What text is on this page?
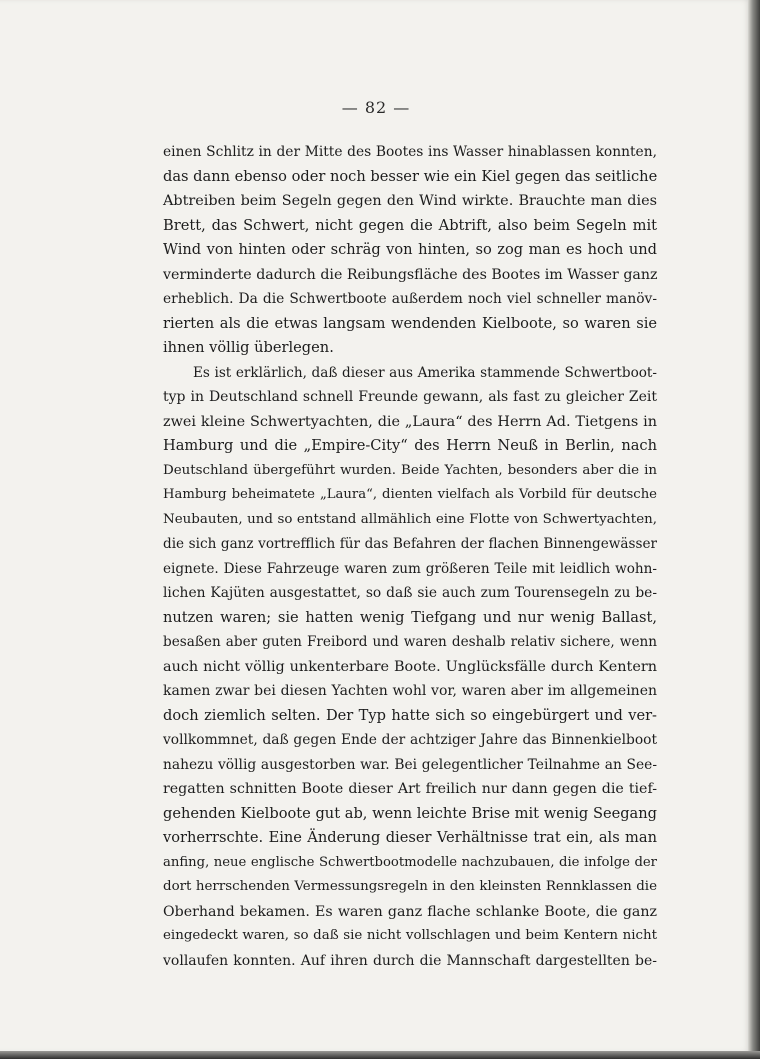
— 82 —
einen Schlitz in der Mitte des Bootes ins Wasser hinablassen konnten,
das dann ebenso oder noch besser wie ein Kiel gegen das seitliche
Abtreiben beim Segeln gegen den Wind wirkte. Brauchte man dies
Brett, das Schwert, nicht gegen die Abtrift, also beim Segeln mit
Wind von hinten oder schräg von hinten, so zog man es hoch und
verminderte dadurch die Reibungsfläche des Bootes im Wasser ganz
erheblich. Da die Schwertboote außerdem noch viel schneller manöv-
rierten als die etwas langsam wendenden Kielboote, so waren sie
ihnen völlig überlegen.
Es ist erklärlich, daß dieser aus Amerika stammende Schwertboot-
typ in Deutschland schnell Freunde gewann, als fast zu gleicher Zeit
zwei kleine Schwertyachten, die „Laura“ des Herrn Ad. Tietgens in
Hamburg und die „Empire-City“ des Herrn Neuß in Berlin, nach
Deutschland übergeführt wurden. Beide Yachten, besonders aber die in
Hamburg beheimatete „Laura“, dienten vielfach als Vorbild für deutsche
Neubauten, und so entstand allmählich eine Flotte von Schwertyachten,
die sich ganz vortrefflich für das Befahren der flachen Binnengewässer
eignete. Diese Fahrzeuge waren zum größeren Teile mit leidlich wohn-
lichen Kajüten ausgestattet, so daß sie auch zum Tourensegeln zu be-
nutzen waren; sie hatten wenig Tiefgang und nur wenig Ballast,
besaßen aber guten Freibord und waren deshalb relativ sichere, wenn
auch nicht völlig unkenterbare Boote. Unglücksfälle durch Kentern
kamen zwar bei diesen Yachten wohl vor, waren aber im allgemeinen
doch ziemlich selten. Der Typ hatte sich so eingebürgert und ver-
vollkommnet, daß gegen Ende der achtziger Jahre das Binnenkielboot
nahezu völlig ausgestorben war. Bei gelegentlicher Teilnahme an See-
regatten schnitten Boote dieser Art freilich nur dann gegen die tief-
gehenden Kielboote gut ab, wenn leichte Brise mit wenig Seegang
vorherrschte. Eine Änderung dieser Verhältnisse trat ein, als man
anfing, neue englische Schwertbootmodelle nachzubauen, die infolge der
dort herrschenden Vermessungsregeln in den kleinsten Rennklassen die
Oberhand bekamen. Es waren ganz flache schlanke Boote, die ganz
eingedeckt waren, so daß sie nicht vollschlagen und beim Kentern nicht
vollaufen konnten. Auf ihren durch die Mannschaft dargestellten be-
